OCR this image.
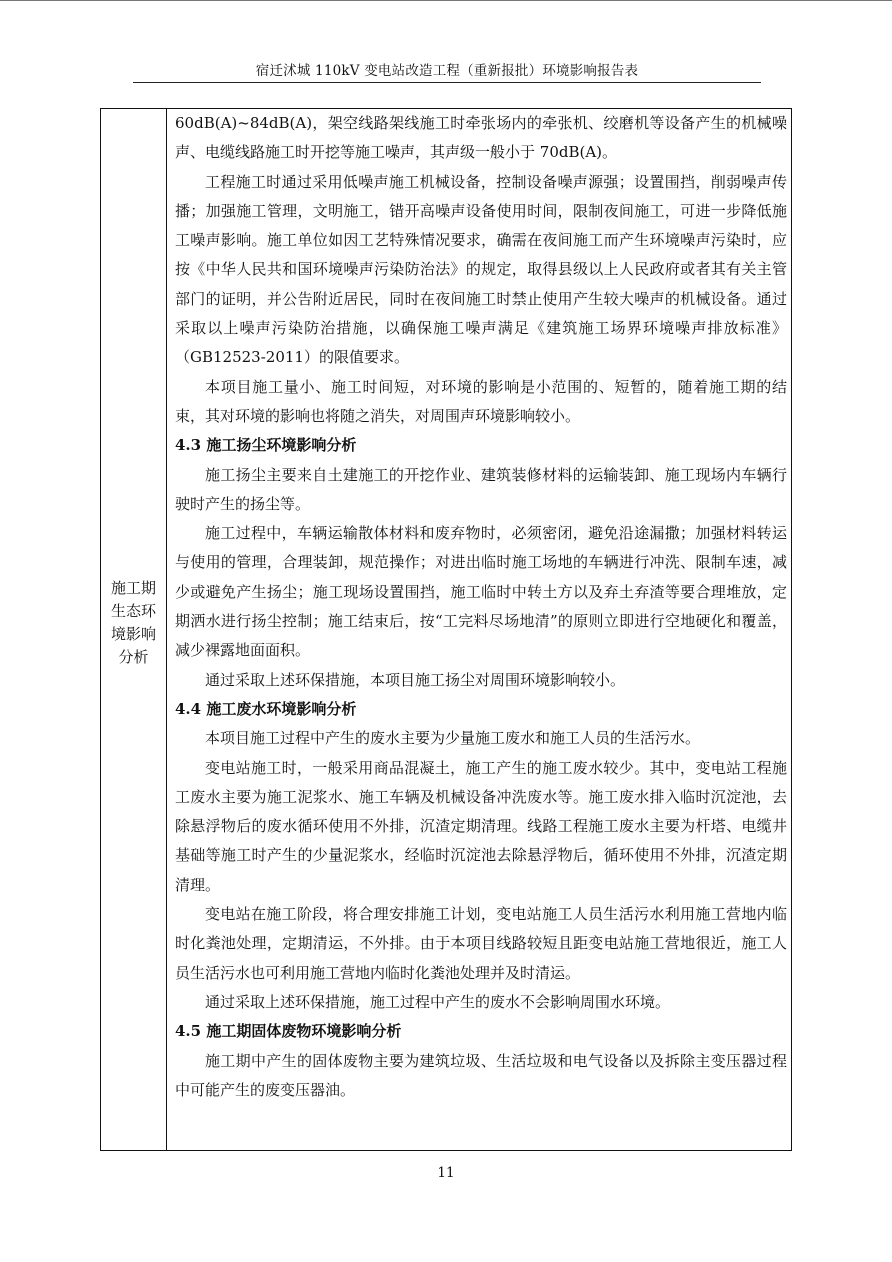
宿迁沭城 110kV 变电站改造工程（重新报批）环境影响报告表
施工期
生态环
境影响
分析

60dB(A)~84dB(A)，架空线路架线施工时牵张场内的牵张机、绞磨机等设备产生的机械噪声、电缆线路施工时开挖等施工噪声，其声级一般小于 70dB(A)。

工程施工时通过采用低噪声施工机械设备，控制设备噪声源强；设置围挡，削弱噪声传播；加强施工管理，文明施工，错开高噪声设备使用时间，限制夜间施工，可进一步降低施工噪声影响。施工单位如因工艺特殊情况要求，确需在夜间施工而产生环境噪声污染时，应按《中华人民共和国环境噪声污染防治法》的规定，取得县级以上人民政府或者其有关主管部门的证明，并公告附近居民，同时在夜间施工时禁止使用产生较大噪声的机械设备。通过采取以上噪声污染防治措施，以确保施工噪声满足《建筑施工场界环境噪声排放标准》（GB12523-2011）的限值要求。

本项目施工量小、施工时间短，对环境的影响是小范围的、短暂的，随着施工期的结束，其对环境的影响也将随之消失，对周围声环境影响较小。

4.3 施工扬尘环境影响分析

施工扬尘主要来自土建施工的开挖作业、建筑装修材料的运输装卸、施工现场内车辆行驶时产生的扬尘等。

施工过程中，车辆运输散体材料和废弃物时，必须密闭，避免沿途漏撒；加强材料转运与使用的管理，合理装卸，规范操作；对进出临时施工场地的车辆进行冲洗、限制车速，减少或避免产生扬尘；施工现场设置围挡，施工临时中转土方以及弃土弃渣等要合理堆放，定期洒水进行扬尘控制；施工结束后，按“工完料尽场地清”的原则立即进行空地硬化和覆盖，减少裸露地面面积。

通过采取上述环保措施，本项目施工扬尘对周围环境影响较小。

4.4 施工废水环境影响分析

本项目施工过程中产生的废水主要为少量施工废水和施工人员的生活污水。

变电站施工时，一般采用商品混凝土，施工产生的施工废水较少。其中，变电站工程施工废水主要为施工泥浆水、施工车辆及机械设备冲洗废水等。施工废水排入临时沉淀池，去除悬浮物后的废水循环使用不外排，沉渣定期清理。线路工程施工废水主要为杆塔、电缆井基础等施工时产生的少量泥浆水，经临时沉淀池去除悬浮物后，循环使用不外排，沉渣定期清理。

变电站在施工阶段，将合理安排施工计划，变电站施工人员生活污水利用施工营地内临时化粪池处理，定期清运，不外排。由于本项目线路较短且距变电站施工营地很近，施工人员生活污水也可利用施工营地内临时化粪池处理并及时清运。

通过采取上述环保措施，施工过程中产生的废水不会影响周围水环境。

4.5 施工期固体废物环境影响分析

施工期中产生的固体废物主要为建筑垃圾、生活垃圾和电气设备以及拆除主变压器过程中可能产生的废变压器油。

11
